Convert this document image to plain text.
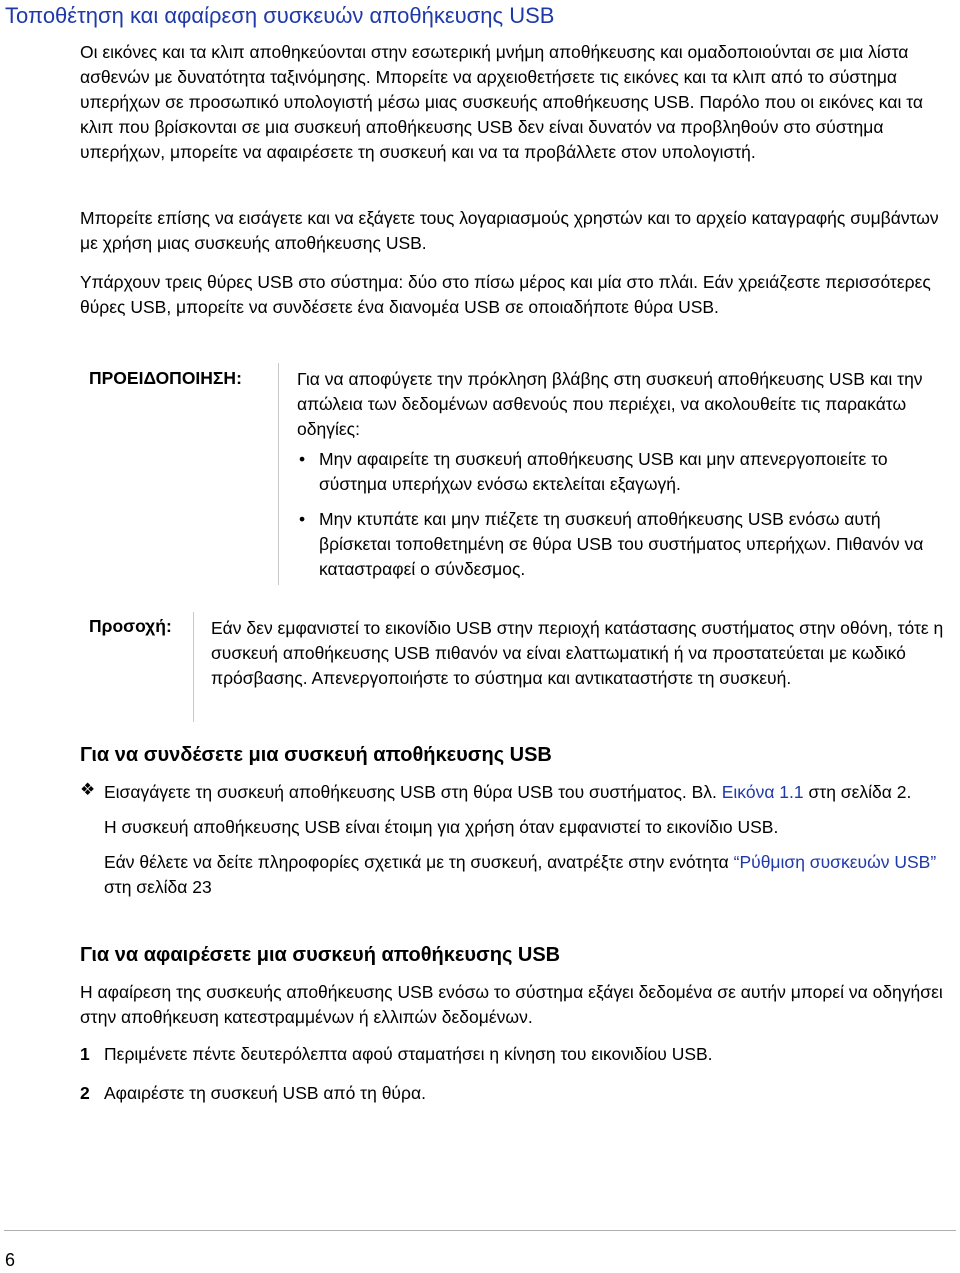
Τοποθέτηση και αφαίρεση συσκευών αποθήκευσης USB
Οι εικόνες και τα κλιπ αποθηκεύονται στην εσωτερική μνήμη αποθήκευσης και ομαδοποιούνται σε μια λίστα ασθενών με δυνατότητα ταξινόμησης. Μπορείτε να αρχειοθετήσετε τις εικόνες και τα κλιπ από το σύστημα υπερήχων σε προσωπικό υπολογιστή μέσω μιας συσκευής αποθήκευσης USB. Παρόλο που οι εικόνες και τα κλιπ που βρίσκονται σε μια συσκευή αποθήκευσης USB δεν είναι δυνατόν να προβληθούν στο σύστημα υπερήχων, μπορείτε να αφαιρέσετε τη συσκευή και να τα προβάλλετε στον υπολογιστή.
Μπορείτε επίσης να εισάγετε και να εξάγετε τους λογαριασμούς χρηστών και το αρχείο καταγραφής συμβάντων με χρήση μιας συσκευής αποθήκευσης USB.
Υπάρχουν τρεις θύρες USB στο σύστημα: δύο στο πίσω μέρος και μία στο πλάι. Εάν χρειάζεστε περισσότερες θύρες USB, μπορείτε να συνδέσετε ένα διανομέα USB σε οποιαδήποτε θύρα USB.
ΠΡΟΕΙΔΟΠΟΙΗΣΗ:	Για να αποφύγετε την πρόκληση βλάβης στη συσκευή αποθήκευσης USB και την απώλεια των δεδομένων ασθενούς που περιέχει, να ακολουθείτε τις παρακάτω οδηγίες:
• Μην αφαιρείτε τη συσκευή αποθήκευσης USB και μην απενεργοποιείτε το σύστημα υπερήχων ενόσω εκτελείται εξαγωγή.
• Μην κτυπάτε και μην πιέζετε τη συσκευή αποθήκευσης USB ενόσω αυτή βρίσκεται τοποθετημένη σε θύρα USB του συστήματος υπερήχων. Πιθανόν να καταστραφεί ο σύνδεσμος.
Προσοχή: Εάν δεν εμφανιστεί το εικονίδιο USB στην περιοχή κατάστασης συστήματος στην οθόνη, τότε η συσκευή αποθήκευσης USB πιθανόν να είναι ελαττωματική ή να προστατεύεται με κωδικό πρόσβασης. Απενεργοποιήστε το σύστημα και αντικαταστήστε τη συσκευή.
Για να συνδέσετε μια συσκευή αποθήκευσης USB
❖ Εισαγάγετε τη συσκευή αποθήκευσης USB στη θύρα USB του συστήματος. Βλ. Εικόνα 1.1 στη σελίδα 2.

Η συσκευή αποθήκευσης USB είναι έτοιμη για χρήση όταν εμφανιστεί το εικονίδιο USB.

Εάν θέλετε να δείτε πληροφορίες σχετικά με τη συσκευή, ανατρέξτε στην ενότητα “Ρύθμιση συσκευών USB” στη σελίδα 23

Για να αφαιρέσετε μια συσκευή αποθήκευσης USB
Η αφαίρεση της συσκευής αποθήκευσης USB ενόσω το σύστημα εξάγει δεδομένα σε αυτήν μπορεί να οδηγήσει στην αποθήκευση κατεστραμμένων ή ελλιπών δεδομένων.
1 Περιμένετε πέντε δευτερόλεπτα αφού σταματήσει η κίνηση του εικονιδίου USB.
2 Αφαιρέστε τη συσκευή USB από τη θύρα.
6
